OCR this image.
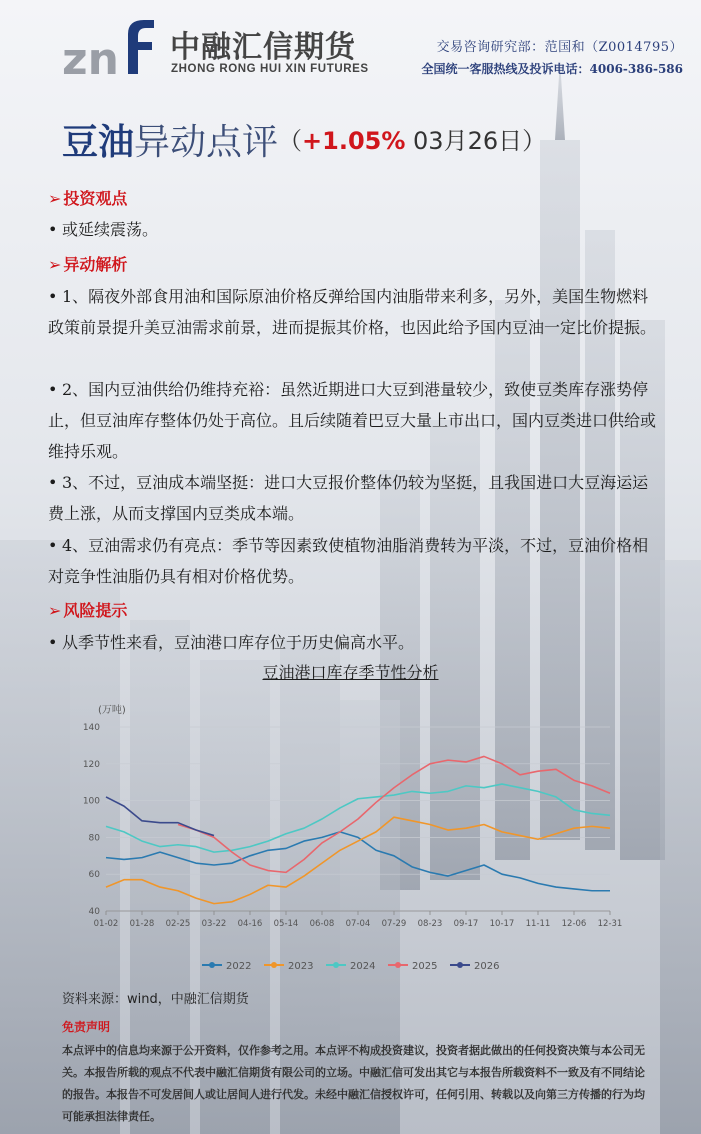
zn 中融汇信期货
ZHONG RONG HUI XIN FUTURES
交易咨询研究部：范国和（Z0014795）
全国统一客服热线及投诉电话：4006-386-586
豆油异动点评（+1.05% 03月26日）
➢ 投资观点
• 或延续震荡。
➢ 异动解析
• 1、隔夜外部食用油和国际原油价格反弹给国内油脂带来利多，另外，美国生物燃料政策前景提升美豆油需求前景，进而提振其价格，也因此给予国内豆油一定比价提振。
• 2、国内豆油供给仍维持充裕：虽然近期进口大豆到港量较少，致使豆类库存涨势停止，但豆油库存整体仍处于高位。且后续随着巴豆大量上市出口，国内豆类进口供给或维持乐观。
• 3、不过，豆油成本端坚挺：进口大豆报价整体仍较为坚挺，且我国进口大豆海运运费上涨，从而支撑国内豆类成本端。
• 4、豆油需求仍有亮点：季节等因素致使植物油脂消费转为平淡，不过，豆油价格相对竞争性油脂仍具有相对价格优势。
➢ 风险提示
• 从季节性来看，豆油港口库存位于历史偏高水平。
豆油港口库存季节性分析
(万吨)
40
60
80
100
120
140
01-02 01-28 02-25 03-22 04-16 05-14 06-08 07-04 07-29 08-23 09-17 10-17 11-11 12-06 12-31
2022	2023	2024	2025	2026
资料来源：wind，中融汇信期货
免责声明
本点评中的信息均来源于公开资料，仅作参考之用。本点评不构成投资建议，投资者据此做出的任何投资决策与本公司无关。本报告所载的观点不代表中融汇信期货有限公司的立场。中融汇信可发出其它与本报告所载资料不一致及有不同结论的报告。本报告不可发居间人或让居间人进行代发。未经中融汇信授权许可，任何引用、转载以及向第三方传播的行为均可能承担法律责任。
